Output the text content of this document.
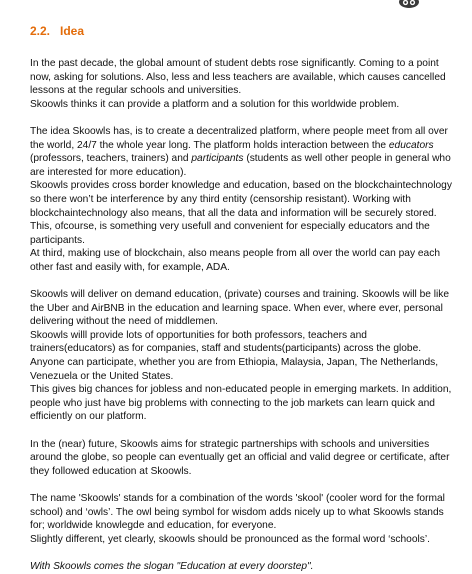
2.2. Idea

In the past decade, the global amount of student debts rose significantly. Coming to a point now, asking for solutions. Also, less and less teachers are available, which causes cancelled lessons at the regular schools and universities.

Skoowls thinks it can provide a platform and a solution for this worldwide problem.

The idea Skoowls has, is to create a decentralized platform, where people meet from all over the world, 24/7 the whole year long. The platform holds interaction between the educators (professors, teachers, trainers) and participants (students as well other people in general who are interested for more education).

Skoowls provides cross border knowledge and education, based on the blockchaintechnology so there won’t be interference by any third entity (censorship resistant). Working with blockchaintechnology also means, that all the data and information will be securely stored. This, ofcourse, is something very usefull and convenient for especially educators and the participants.

At third, making use of blockchain, also means people from all over the world can pay each other fast and easily with, for example, ADA.

Skoowls will deliver on demand education, (private) courses and training. Skoowls will be like the Uber and AirBNB in the education and learning space. When ever, where ever, personal delivering without the need of middlemen.

Skoowls willl provide lots of opportunities for both professors, teachers and trainers(educators) as for companies, staff and students(participants) across the globe.

Anyone can participate, whether you are from Ethiopia, Malaysia, Japan, The Netherlands, Venezuela or the United States.

This gives big chances for jobless and non-educated people in emerging markets. In addition, people who just have big problems with connecting to the job markets can learn quick and efficiently on our platform.

In the (near) future, Skoowls aims for strategic partnerships with schools and universities around the globe, so people can eventually get an official and valid degree or certificate, after they followed education at Skoowls.

The name 'Skoowls' stands for a combination of the words 'skool' (cooler word for the formal school) and ‘owls’. The owl being symbol for wisdom adds nicely up to what Skoowls stands for; worldwide knowlegde and education, for everyone.

Slightly different, yet clearly, skoowls should be pronounced as the formal word ‘schools’.

With Skoowls comes the slogan "Education at every doorstep".
